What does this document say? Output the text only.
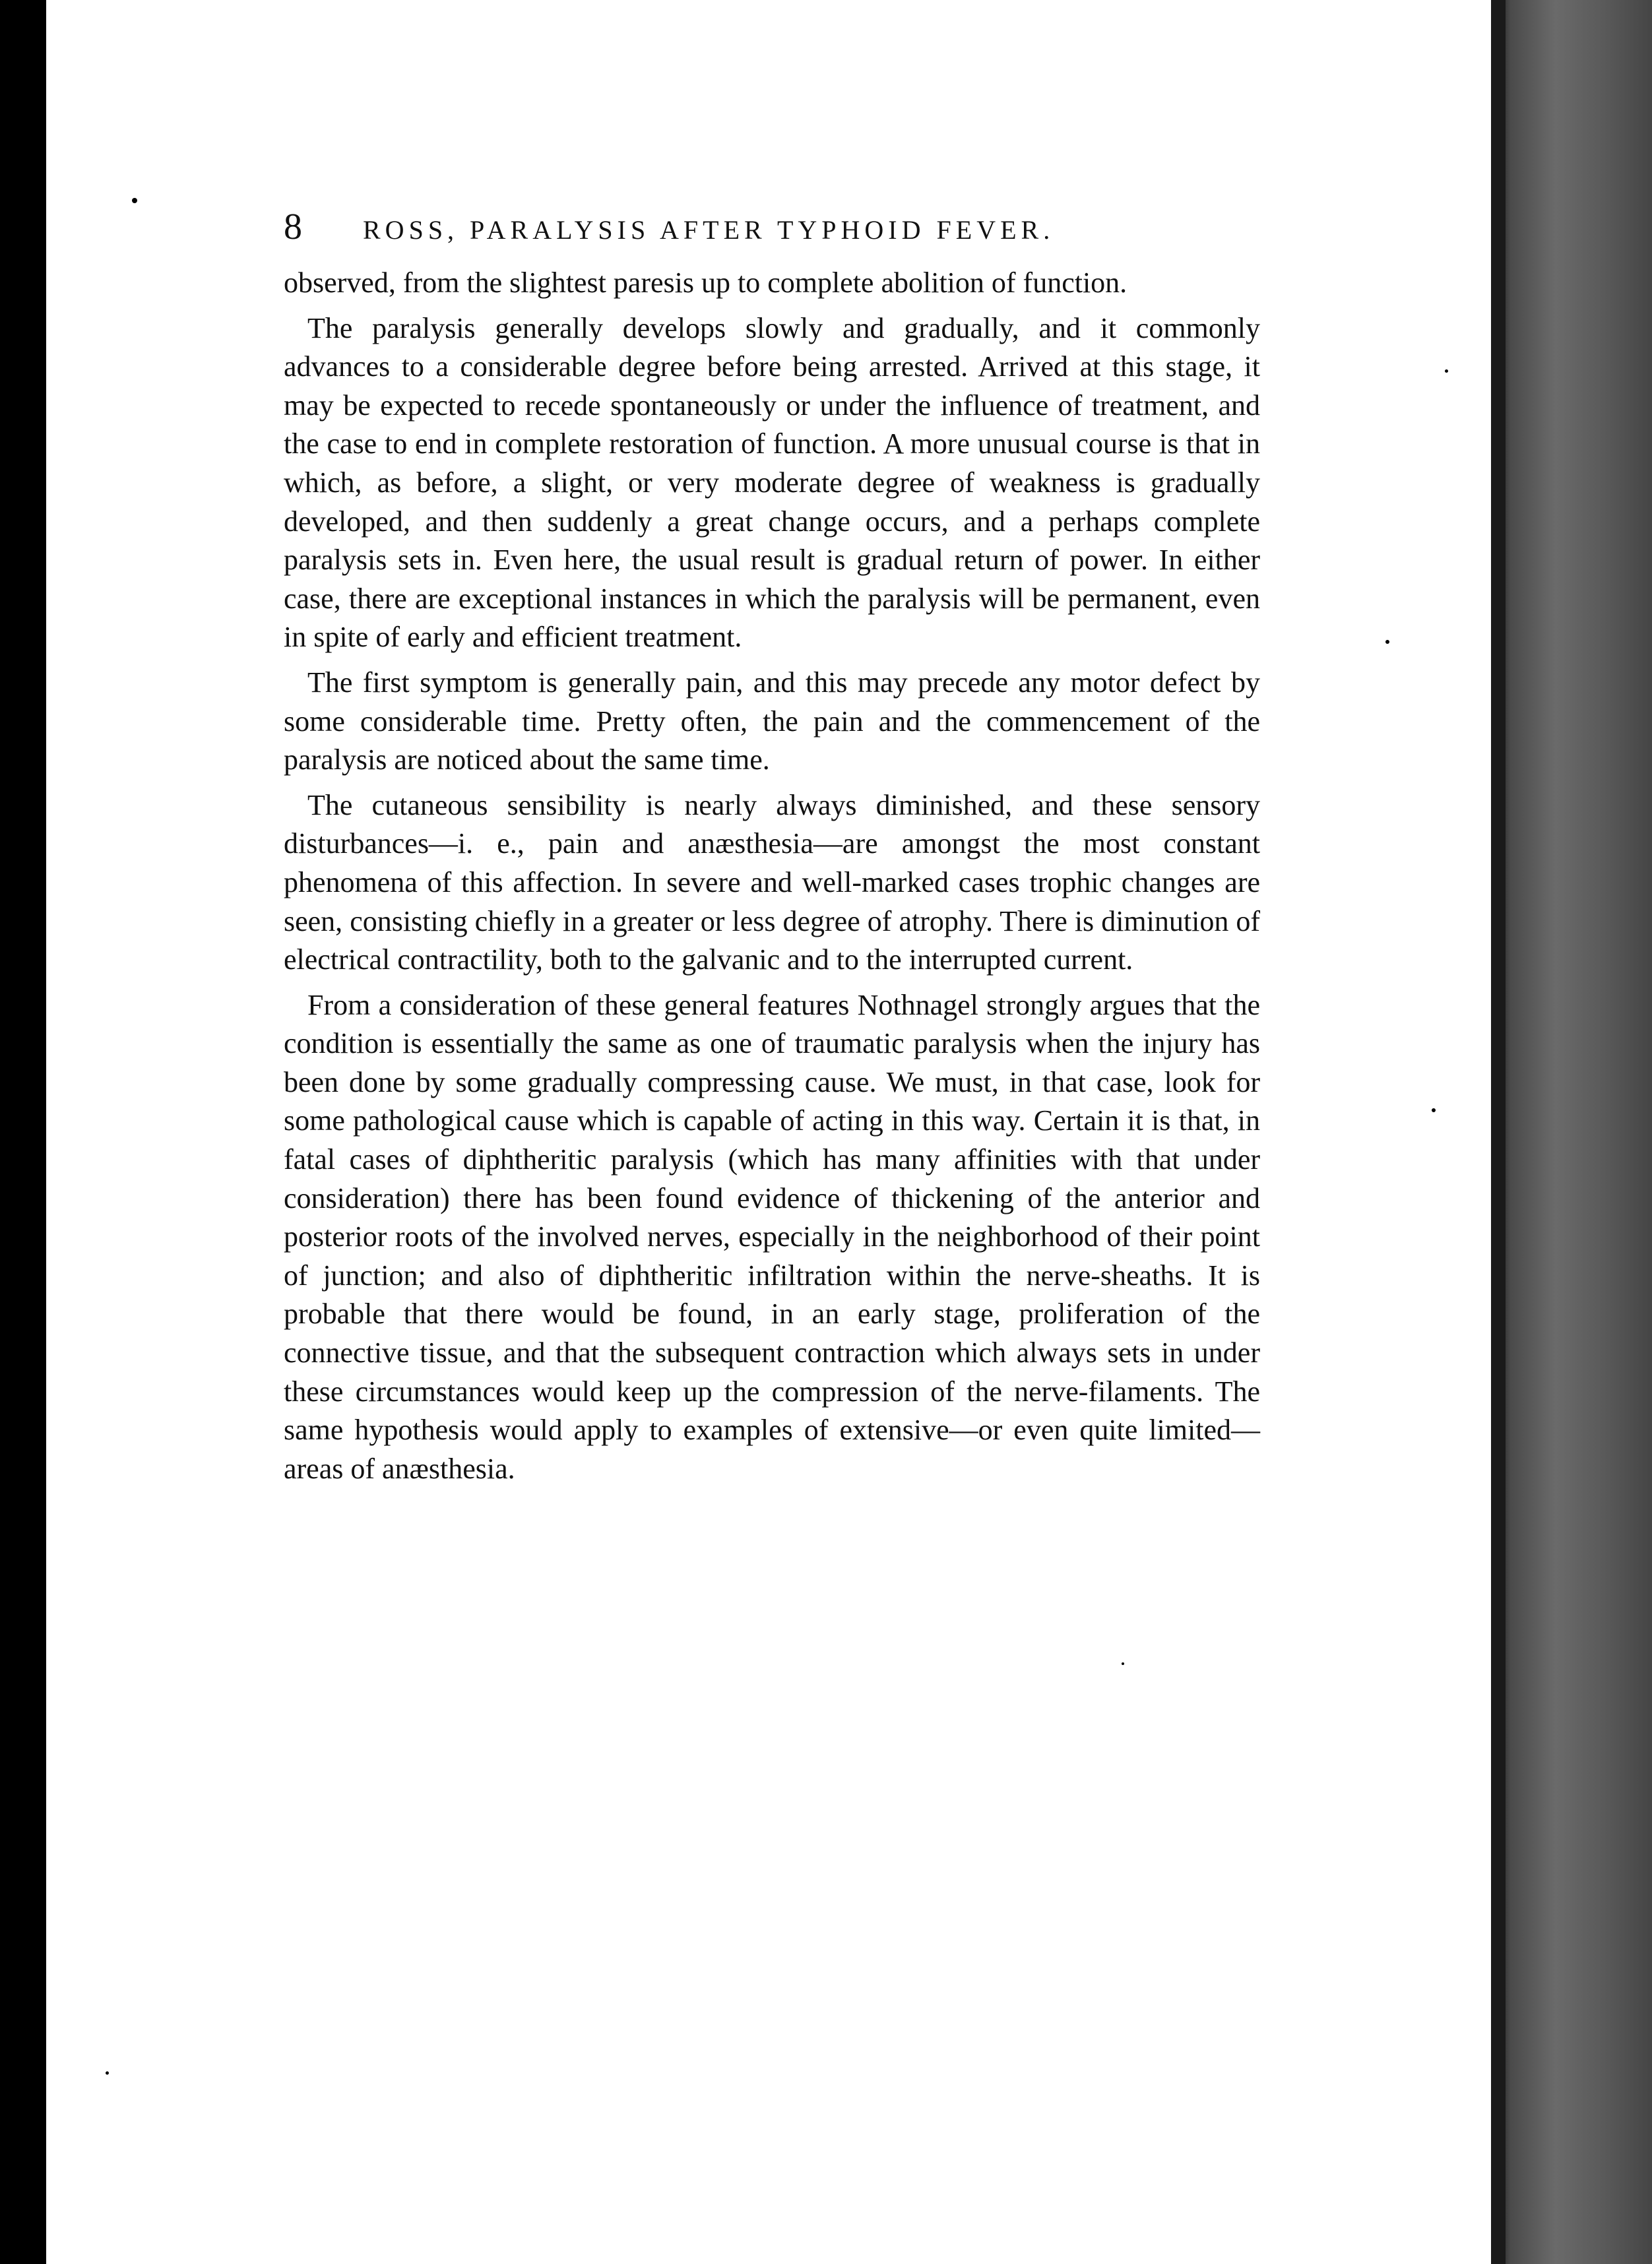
8	ROSS, PARALYSIS AFTER TYPHOID FEVER.

observed, from the slightest paresis up to complete abolition of function.

The paralysis generally develops slowly and gradually, and it commonly advances to a considerable degree before being arrested. Arrived at this stage, it may be expected to recede spontaneously or under the influence of treatment, and the case to end in complete restoration of function. A more unusual course is that in which, as before, a slight, or very moderate degree of weakness is gradually developed, and then suddenly a great change occurs, and a perhaps complete paralysis sets in. Even here, the usual result is gradual return of power. In either case, there are exceptional instances in which the paralysis will be permanent, even in spite of early and efficient treatment.

The first symptom is generally pain, and this may precede any motor defect by some considerable time. Pretty often, the pain and the commencement of the paralysis are noticed about the same time.

The cutaneous sensibility is nearly always diminished, and these sensory disturbances—i. e., pain and anæsthesia—are amongst the most constant phenomena of this affection. In severe and well-marked cases trophic changes are seen, consisting chiefly in a greater or less degree of atrophy. There is diminution of electrical contractility, both to the galvanic and to the interrupted current.

From a consideration of these general features Nothnagel strongly argues that the condition is essentially the same as one of traumatic paralysis when the injury has been done by some gradually compressing cause. We must, in that case, look for some pathological cause which is capable of acting in this way. Certain it is that, in fatal cases of diphtheritic paralysis (which has many affinities with that under consideration) there has been found evidence of thickening of the anterior and posterior roots of the involved nerves, especially in the neighborhood of their point of junction; and also of diphtheritic infiltration within the nerve-sheaths. It is probable that there would be found, in an early stage, proliferation of the connective tissue, and that the subsequent contraction which always sets in under these circumstances would keep up the compression of the nerve-filaments. The same hypothesis would apply to examples of extensive—or even quite limited—areas of anæsthesia.
